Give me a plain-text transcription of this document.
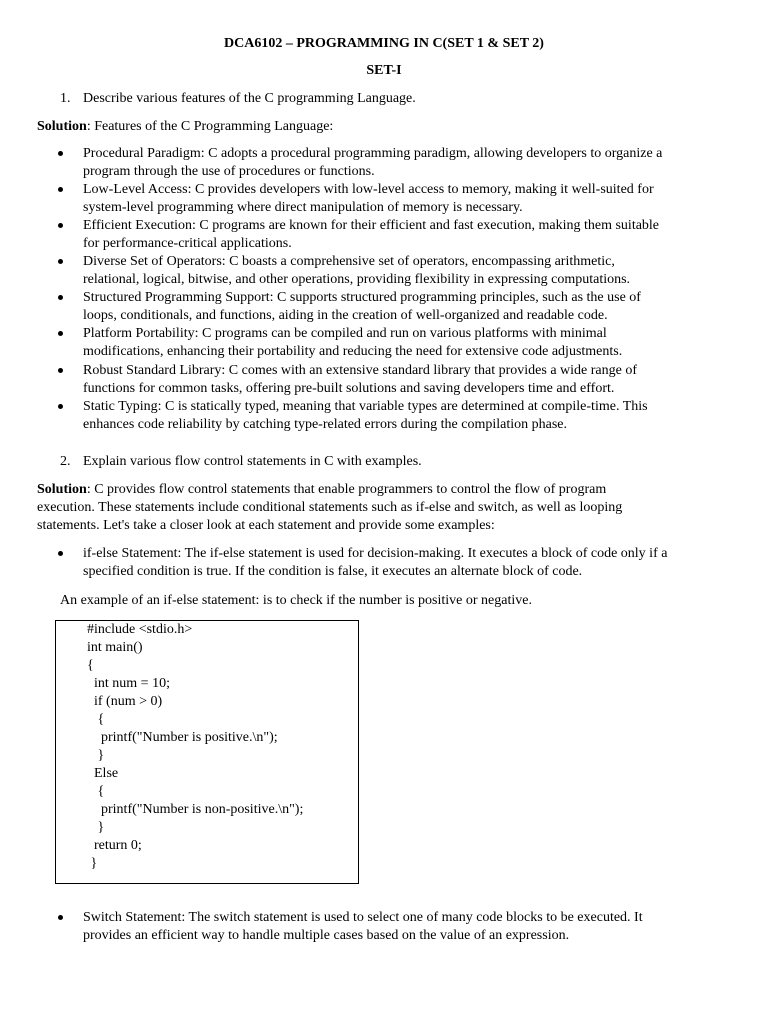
DCA6102 – PROGRAMMING IN C(SET 1 & SET 2)
SET-I
1. Describe various features of the C programming Language.
Solution: Features of the C Programming Language:
Procedural Paradigm: C adopts a procedural programming paradigm, allowing developers to organize a
program through the use of procedures or functions.
Low-Level Access: C provides developers with low-level access to memory, making it well-suited for
system-level programming where direct manipulation of memory is necessary.
Efficient Execution: C programs are known for their efficient and fast execution, making them suitable
for performance-critical applications.
Diverse Set of Operators: C boasts a comprehensive set of operators, encompassing arithmetic,
relational, logical, bitwise, and other operations, providing flexibility in expressing computations.
Structured Programming Support: C supports structured programming principles, such as the use of
loops, conditionals, and functions, aiding in the creation of well-organized and readable code.
Platform Portability: C programs can be compiled and run on various platforms with minimal
modifications, enhancing their portability and reducing the need for extensive code adjustments.
Robust Standard Library: C comes with an extensive standard library that provides a wide range of
functions for common tasks, offering pre-built solutions and saving developers time and effort.
Static Typing: C is statically typed, meaning that variable types are determined at compile-time. This
enhances code reliability by catching type-related errors during the compilation phase.
2. Explain various flow control statements in C with examples.
Solution: C provides flow control statements that enable programmers to control the flow of program
execution. These statements include conditional statements such as if-else and switch, as well as looping
statements. Let's take a closer look at each statement and provide some examples:
if-else Statement: The if-else statement is used for decision-making. It executes a block of code only if a
specified condition is true. If the condition is false, it executes an alternate block of code.
An example of an if-else statement: is to check if the number is positive or negative.
#include <stdio.h>
int main()
{
int num = 10;
if (num > 0)
{
printf("Number is positive.\n");
}
Else
{
printf("Number is non-positive.\n");
}
return 0;
}
Switch Statement: The switch statement is used to select one of many code blocks to be executed. It
provides an efficient way to handle multiple cases based on the value of an expression.
